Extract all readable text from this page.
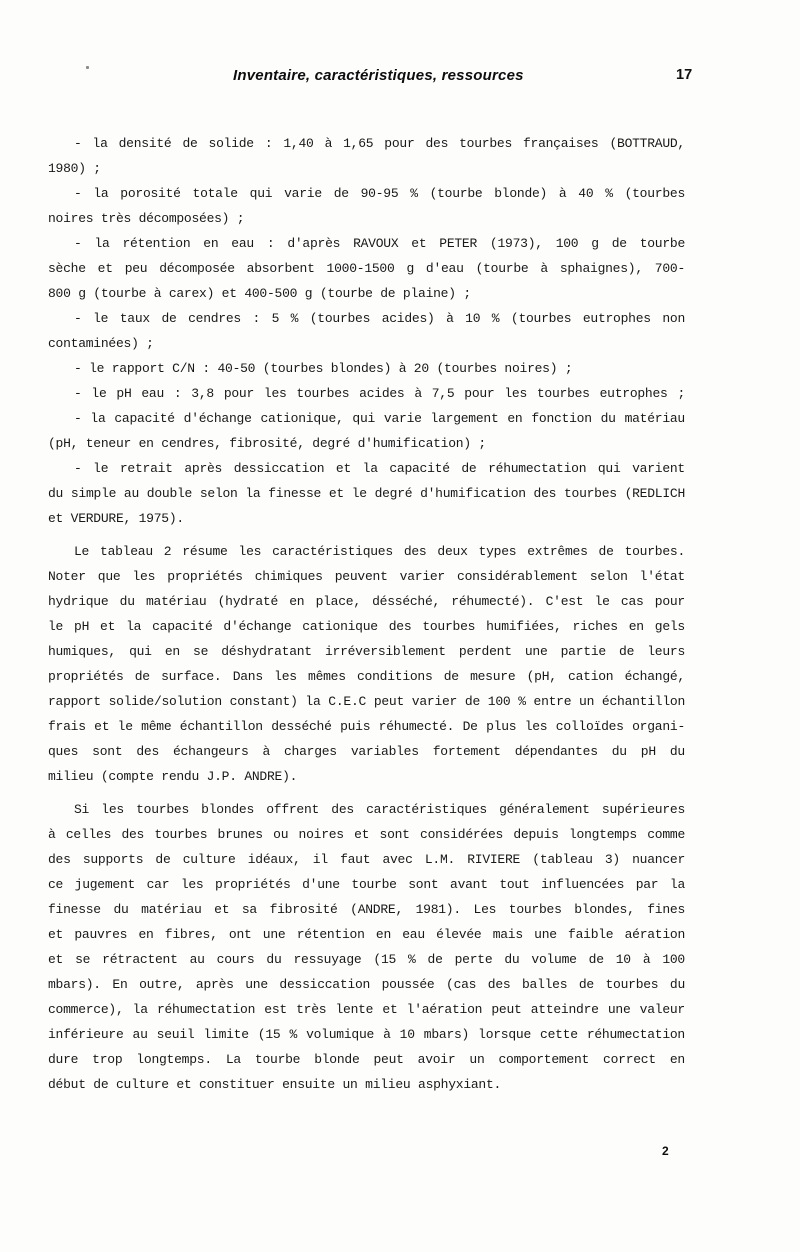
Inventaire, caractéristiques, ressources	17
- la densité de solide : 1,40 à 1,65 pour des tourbes françaises (BOTTRAUD,
1980) ;
- la porosité totale qui varie de 90-95 % (tourbe blonde) à 40 % (tourbes
noires très décomposées) ;
- la rétention en eau : d'après RAVOUX et PETER (1973), 100 g de tourbe
sèche et peu décomposée absorbent 1000-1500 g d'eau (tourbe à sphaignes), 700-
800 g (tourbe à carex) et 400-500 g (tourbe de plaine) ;
- le taux de cendres : 5 % (tourbes acides) à 10 % (tourbes eutrophes non
contaminées) ;
- le rapport C/N : 40-50 (tourbes blondes) à 20 (tourbes noires) ;
- le pH eau : 3,8 pour les tourbes acides à 7,5 pour les tourbes eutrophes ;
- la capacité d'échange cationique, qui varie largement en fonction du matériau
(pH, teneur en cendres, fibrosité, degré d'humification) ;
- le retrait après dessiccation et la capacité de réhumectation qui varient
du simple au double selon la finesse et le degré d'humification des tourbes (REDLICH
et VERDURE, 1975).
Le tableau 2 résume les caractéristiques des deux types extrêmes de tourbes.
Noter que les propriétés chimiques peuvent varier considérablement selon l'état
hydrique du matériau (hydraté en place, désséché, réhumecté). C'est le cas pour
le pH et la capacité d'échange cationique des tourbes humifiées, riches en gels
humiques, qui en se déshydratant irréversiblement perdent une partie de leurs
propriétés de surface. Dans les mêmes conditions de mesure (pH, cation échangé,
rapport solide/solution constant) la C.E.C peut varier de 100 % entre un échantillon
frais et le même échantillon desséché puis réhumecté. De plus les colloïdes organi-
ques sont des échangeurs à charges variables fortement dépendantes du pH du
milieu (compte rendu J.P. ANDRE).
Si les tourbes blondes offrent des caractéristiques généralement supérieures
à celles des tourbes brunes ou noires et sont considérées depuis longtemps comme
des supports de culture idéaux, il faut avec L.M. RIVIERE (tableau 3) nuancer
ce jugement car les propriétés d'une tourbe sont avant tout influencées par la
finesse du matériau et sa fibrosité (ANDRE, 1981). Les tourbes blondes, fines
et pauvres en fibres, ont une rétention en eau élevée mais une faible aération
et se rétractent au cours du ressuyage (15 % de perte du volume de 10 à 100
mbars). En outre, après une dessiccation poussée (cas des balles de tourbes du
commerce), la réhumectation est très lente et l'aération peut atteindre une valeur
inférieure au seuil limite (15 % volumique à 10 mbars) lorsque cette réhumectation
dure trop longtemps. La tourbe blonde peut avoir un comportement correct en
début de culture et constituer ensuite un milieu asphyxiant.
2
